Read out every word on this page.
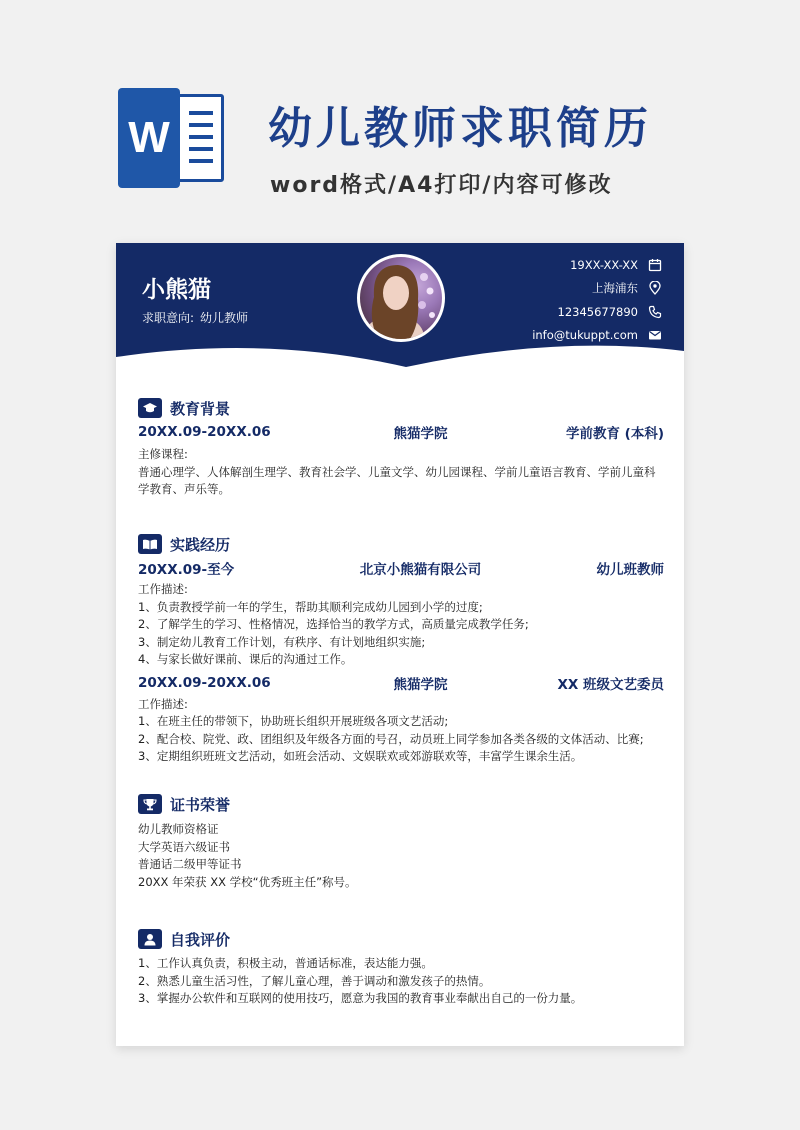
W 幼儿教师求职简历
word格式/A4打印/内容可修改
小熊猫
求职意向: 幼儿教师
19XX-XX-XX
上海浦东
12345677890
info@tukuppt.com
教育背景
20XX.09-20XX.06	熊猫学院	学前教育 (本科)
主修课程:
普通心理学、人体解剖生理学、教育社会学、儿童文学、幼儿园课程、学前儿童语言教育、学前儿童科学教育、声乐等。
实践经历
20XX.09-至今	北京小熊猫有限公司	幼儿班教师
工作描述:
1、负责教授学前一年的学生，帮助其顺利完成幼儿园到小学的过度;
2、了解学生的学习、性格情况，选择恰当的教学方式，高质量完成教学任务;
3、制定幼儿教育工作计划，有秩序、有计划地组织实施;
4、与家长做好课前、课后的沟通过工作。
20XX.09-20XX.06	熊猫学院	XX 班级文艺委员
工作描述:
1、在班主任的带领下，协助班长组织开展班级各项文艺活动;
2、配合校、院党、政、团组织及年级各方面的号召，动员班上同学参加各类各级的文体活动、比赛;
3、定期组织班班文艺活动，如班会活动、文娱联欢或郊游联欢等，丰富学生课余生活。
证书荣誉
幼儿教师资格证
大学英语六级证书
普通话二级甲等证书
20XX 年荣获 XX 学校“优秀班主任”称号。
自我评价
1、工作认真负责，积极主动，普通话标准，表达能力强。
2、熟悉儿童生活习性，了解儿童心理，善于调动和激发孩子的热情。
3、掌握办公软件和互联网的使用技巧，愿意为我国的教育事业奉献出自己的一份力量。
